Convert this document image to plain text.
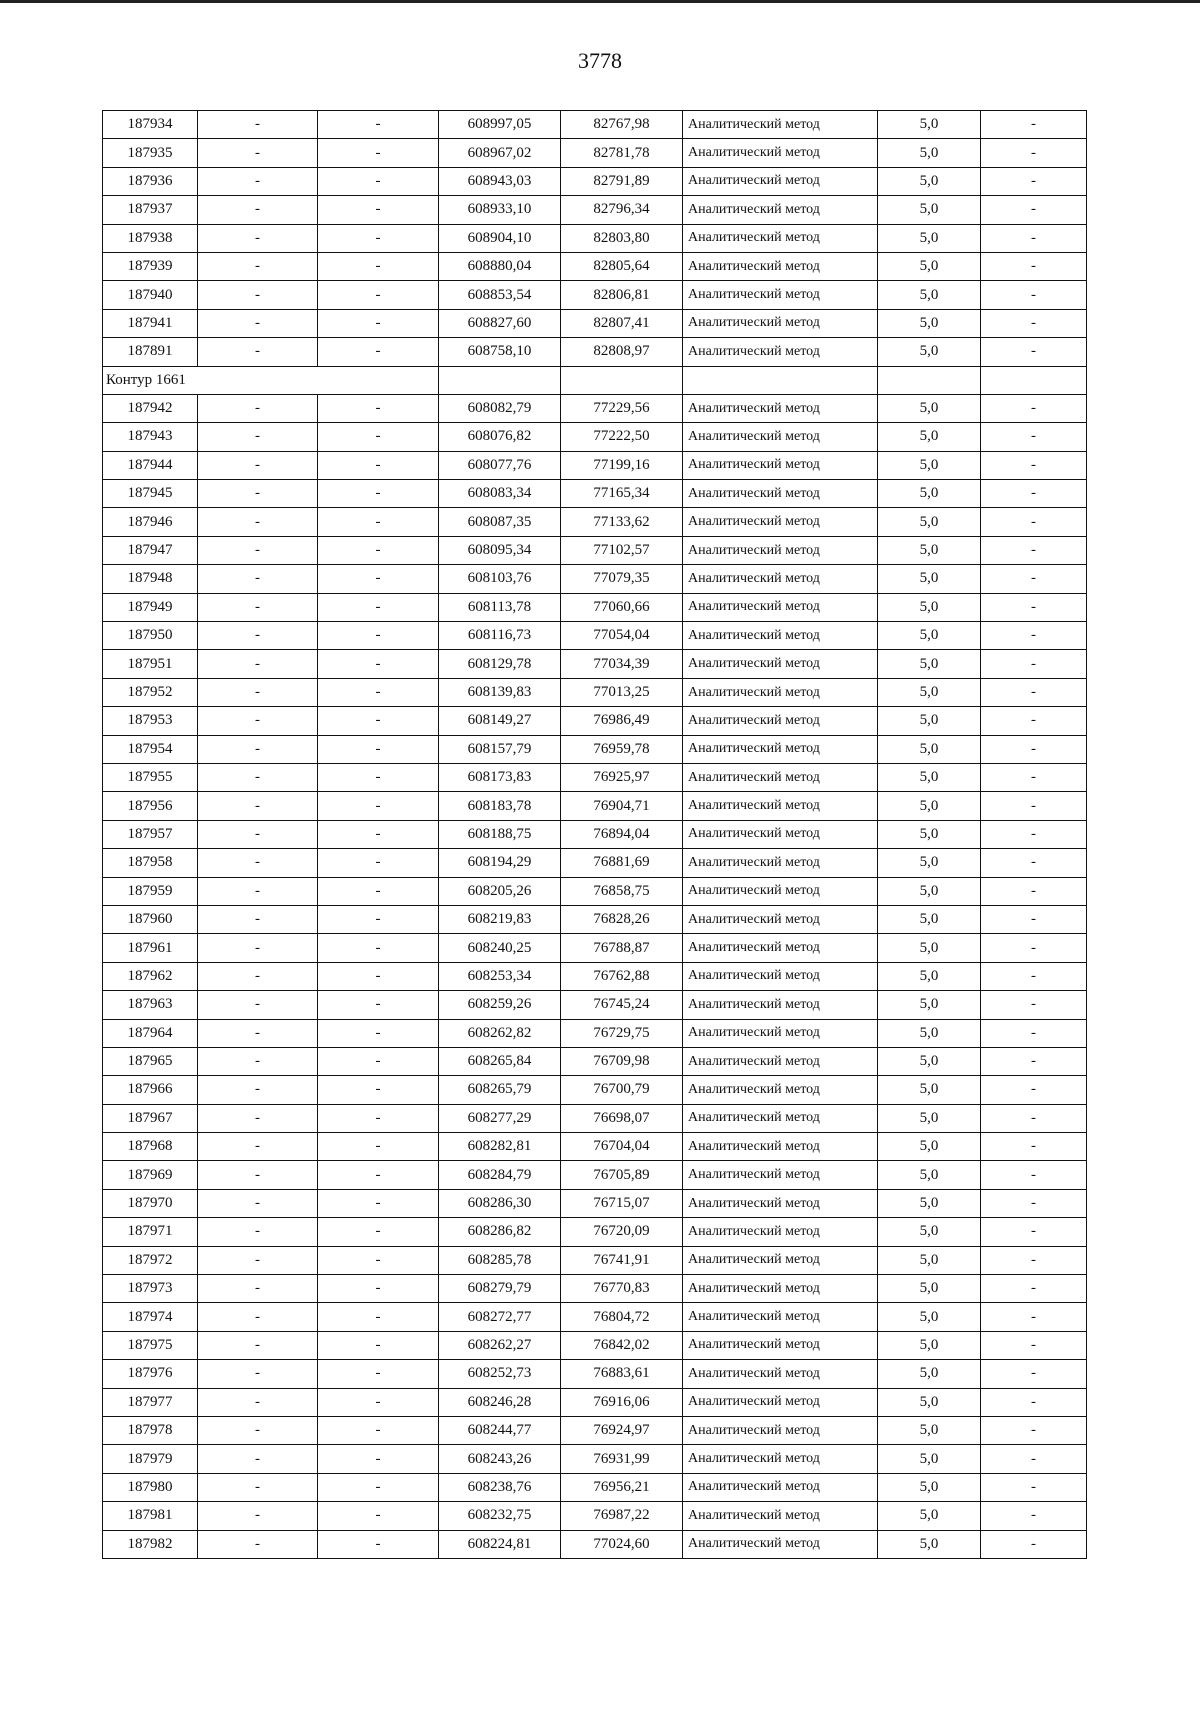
3778
187934	-	-	608997,05	82767,98	Аналитический метод	5,0	-
187935	-	-	608967,02	82781,78	Аналитический метод	5,0	-
187936	-	-	608943,03	82791,89	Аналитический метод	5,0	-
187937	-	-	608933,10	82796,34	Аналитический метод	5,0	-
187938	-	-	608904,10	82803,80	Аналитический метод	5,0	-
187939	-	-	608880,04	82805,64	Аналитический метод	5,0	-
187940	-	-	608853,54	82806,81	Аналитический метод	5,0	-
187941	-	-	608827,60	82807,41	Аналитический метод	5,0	-
187891	-	-	608758,10	82808,97	Аналитический метод	5,0	-
Контур 1661							
187942	-	-	608082,79	77229,56	Аналитический метод	5,0	-
187943	-	-	608076,82	77222,50	Аналитический метод	5,0	-
187944	-	-	608077,76	77199,16	Аналитический метод	5,0	-
187945	-	-	608083,34	77165,34	Аналитический метод	5,0	-
187946	-	-	608087,35	77133,62	Аналитический метод	5,0	-
187947	-	-	608095,34	77102,57	Аналитический метод	5,0	-
187948	-	-	608103,76	77079,35	Аналитический метод	5,0	-
187949	-	-	608113,78	77060,66	Аналитический метод	5,0	-
187950	-	-	608116,73	77054,04	Аналитический метод	5,0	-
187951	-	-	608129,78	77034,39	Аналитический метод	5,0	-
187952	-	-	608139,83	77013,25	Аналитический метод	5,0	-
187953	-	-	608149,27	76986,49	Аналитический метод	5,0	-
187954	-	-	608157,79	76959,78	Аналитический метод	5,0	-
187955	-	-	608173,83	76925,97	Аналитический метод	5,0	-
187956	-	-	608183,78	76904,71	Аналитический метод	5,0	-
187957	-	-	608188,75	76894,04	Аналитический метод	5,0	-
187958	-	-	608194,29	76881,69	Аналитический метод	5,0	-
187959	-	-	608205,26	76858,75	Аналитический метод	5,0	-
187960	-	-	608219,83	76828,26	Аналитический метод	5,0	-
187961	-	-	608240,25	76788,87	Аналитический метод	5,0	-
187962	-	-	608253,34	76762,88	Аналитический метод	5,0	-
187963	-	-	608259,26	76745,24	Аналитический метод	5,0	-
187964	-	-	608262,82	76729,75	Аналитический метод	5,0	-
187965	-	-	608265,84	76709,98	Аналитический метод	5,0	-
187966	-	-	608265,79	76700,79	Аналитический метод	5,0	-
187967	-	-	608277,29	76698,07	Аналитический метод	5,0	-
187968	-	-	608282,81	76704,04	Аналитический метод	5,0	-
187969	-	-	608284,79	76705,89	Аналитический метод	5,0	-
187970	-	-	608286,30	76715,07	Аналитический метод	5,0	-
187971	-	-	608286,82	76720,09	Аналитический метод	5,0	-
187972	-	-	608285,78	76741,91	Аналитический метод	5,0	-
187973	-	-	608279,79	76770,83	Аналитический метод	5,0	-
187974	-	-	608272,77	76804,72	Аналитический метод	5,0	-
187975	-	-	608262,27	76842,02	Аналитический метод	5,0	-
187976	-	-	608252,73	76883,61	Аналитический метод	5,0	-
187977	-	-	608246,28	76916,06	Аналитический метод	5,0	-
187978	-	-	608244,77	76924,97	Аналитический метод	5,0	-
187979	-	-	608243,26	76931,99	Аналитический метод	5,0	-
187980	-	-	608238,76	76956,21	Аналитический метод	5,0	-
187981	-	-	608232,75	76987,22	Аналитический метод	5,0	-
187982	-	-	608224,81	77024,60	Аналитический метод	5,0	-
